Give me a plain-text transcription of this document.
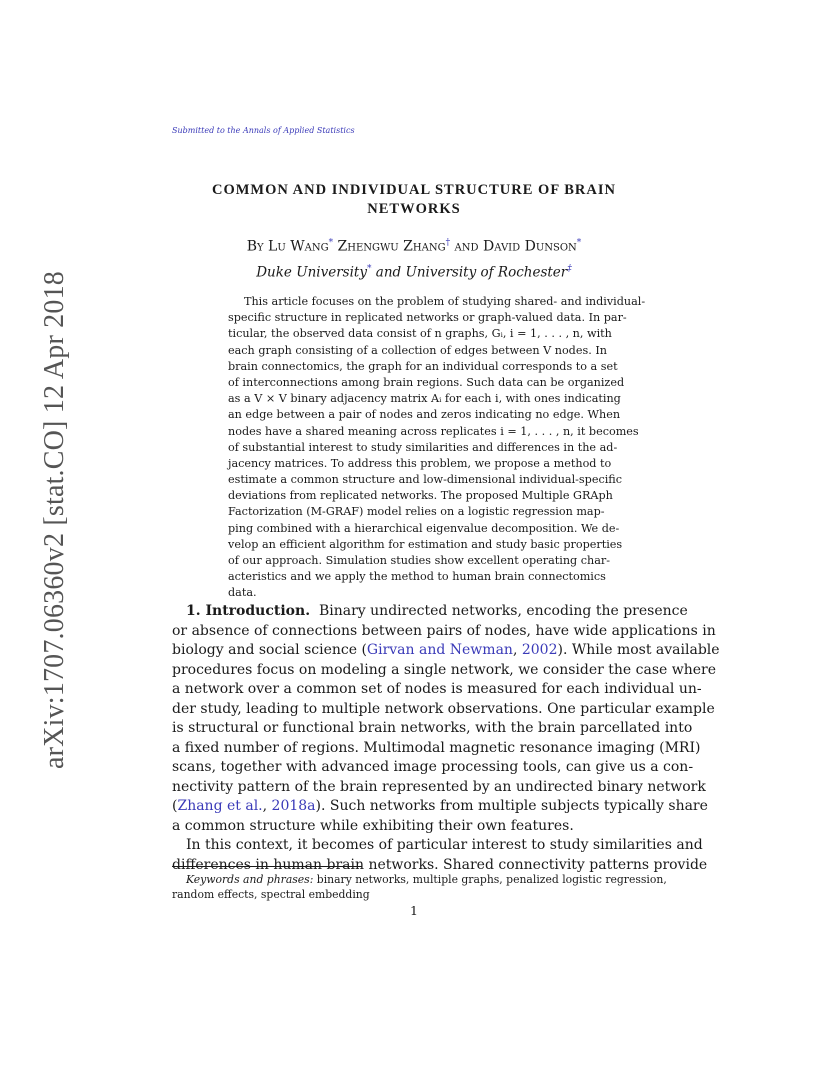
arXiv:1707.06360v2 [stat.CO] 12 Apr 2018
Submitted to the Annals of Applied Statistics
COMMON AND INDIVIDUAL STRUCTURE OF BRAIN
NETWORKS
By Lu Wang* Zhengwu Zhang† and David Dunson*
Duke University* and University of Rochester‡
This article focuses on the problem of studying shared- and individual-
specific structure in replicated networks or graph-valued data. In par-
ticular, the observed data consist of n graphs, Gᵢ, i = 1, . . . , n, with
each graph consisting of a collection of edges between V nodes. In
brain connectomics, the graph for an individual corresponds to a set
of interconnections among brain regions. Such data can be organized
as a V × V binary adjacency matrix Aᵢ for each i, with ones indicating
an edge between a pair of nodes and zeros indicating no edge. When
nodes have a shared meaning across replicates i = 1, . . . , n, it becomes
of substantial interest to study similarities and differences in the ad-
jacency matrices. To address this problem, we propose a method to
estimate a common structure and low-dimensional individual-specific
deviations from replicated networks. The proposed Multiple GRAph
Factorization (M-GRAF) model relies on a logistic regression map-
ping combined with a hierarchical eigenvalue decomposition. We de-
velop an efficient algorithm for estimation and study basic properties
of our approach. Simulation studies show excellent operating char-
acteristics and we apply the method to human brain connectomics
data.
1. Introduction. Binary undirected networks, encoding the presence
or absence of connections between pairs of nodes, have wide applications in
biology and social science (Girvan and Newman, 2002). While most available
procedures focus on modeling a single network, we consider the case where
a network over a common set of nodes is measured for each individual un-
der study, leading to multiple network observations. One particular example
is structural or functional brain networks, with the brain parcellated into
a fixed number of regions. Multimodal magnetic resonance imaging (MRI)
scans, together with advanced image processing tools, can give us a con-
nectivity pattern of the brain represented by an undirected binary network
(Zhang et al., 2018a). Such networks from multiple subjects typically share
a common structure while exhibiting their own features.
In this context, it becomes of particular interest to study similarities and
differences in human brain networks. Shared connectivity patterns provide
Keywords and phrases: binary networks, multiple graphs, penalized logistic regression,
random effects, spectral embedding
1
